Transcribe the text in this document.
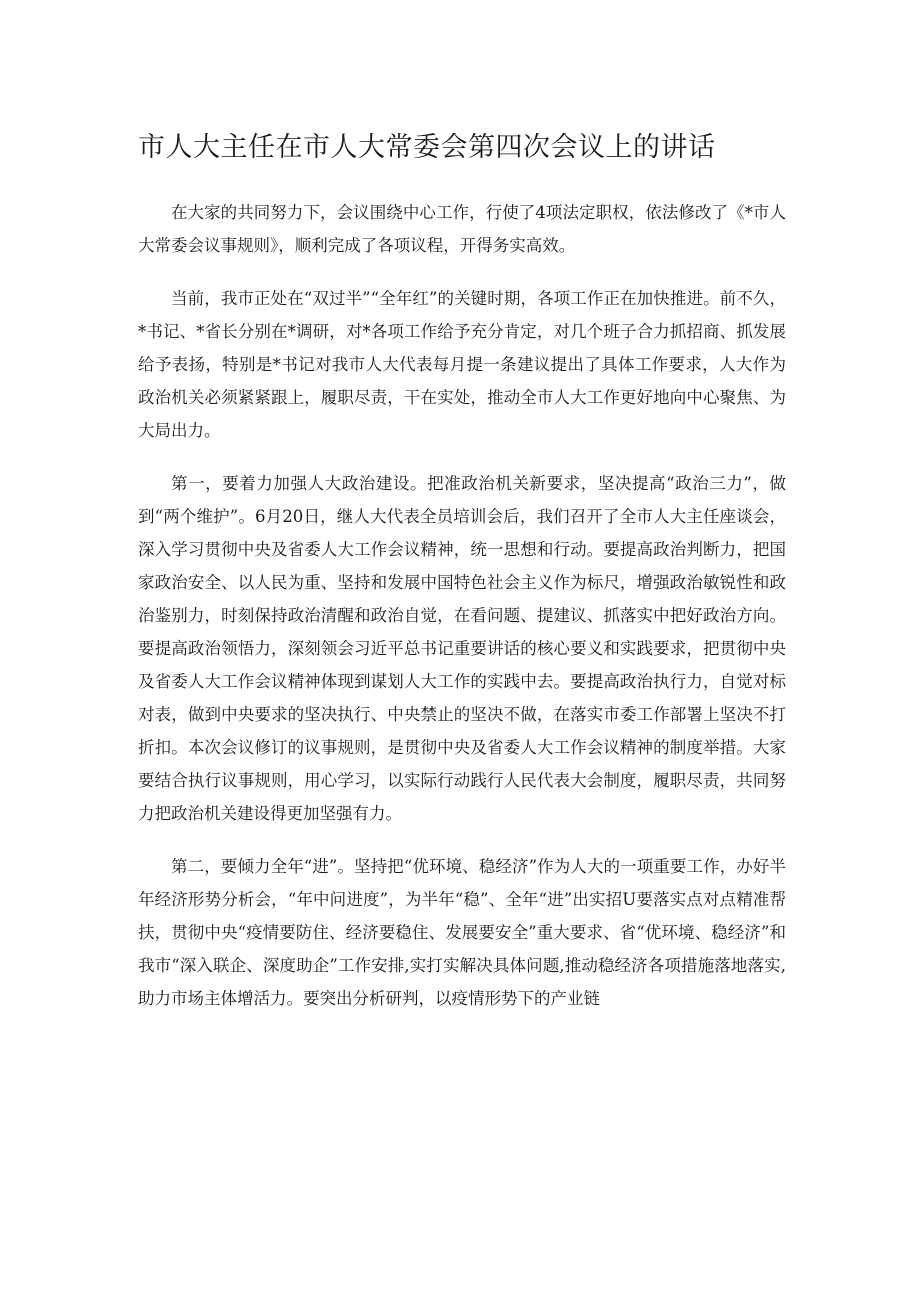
市人大主任在市人大常委会第四次会议上的讲话

在大家的共同努力下，会议围绕中心工作，行使了4项法定职权，依法修改了《*市人大常委会议事规则》，顺利完成了各项议程，开得务实高效。

当前，我市正处在“双过半”“全年红”的关键时期，各项工作正在加快推进。前不久，*书记、*省长分别在*调研，对*各项工作给予充分肯定，对几个班子合力抓招商、抓发展给予表扬，特别是*书记对我市人大代表每月提一条建议提出了具体工作要求，人大作为政治机关必须紧紧跟上，履职尽责，干在实处，推动全市人大工作更好地向中心聚焦、为大局出力。

第一，要着力加强人大政治建设。把准政治机关新要求，坚决提高“政治三力”，做到“两个维护”。6月20日，继人大代表全员培训会后，我们召开了全市人大主任座谈会，深入学习贯彻中央及省委人大工作会议精神，统一思想和行动。要提高政治判断力，把国家政治安全、以人民为重、坚持和发展中国特色社会主义作为标尺，增强政治敏锐性和政治鉴别力，时刻保持政治清醒和政治自觉，在看问题、提建议、抓落实中把好政治方向。要提高政治领悟力，深刻领会习近平总书记重要讲话的核心要义和实践要求，把贯彻中央及省委人大工作会议精神体现到谋划人大工作的实践中去。要提高政治执行力，自觉对标对表，做到中央要求的坚决执行、中央禁止的坚决不做，在落实市委工作部署上坚决不打折扣。本次会议修订的议事规则，是贯彻中央及省委人大工作会议精神的制度举措。大家要结合执行议事规则，用心学习，以实际行动践行人民代表大会制度，履职尽责，共同努力把政治机关建设得更加坚强有力。

第二，要倾力全年“进”。坚持把“优环境、稳经济”作为人大的一项重要工作，办好半年经济形势分析会，“年中问进度”，为半年“稳”、全年“进”出实招U要落实点对点精准帮扶，贯彻中央“疫情要防住、经济要稳住、发展要安全”重大要求、省“优环境、稳经济”和我市“深入联企、深度助企”工作安排,实打实解决具体问题,推动稳经济各项措施落地落实,助力市场主体增活力。要突出分析研判，以疫情形势下的产业链
